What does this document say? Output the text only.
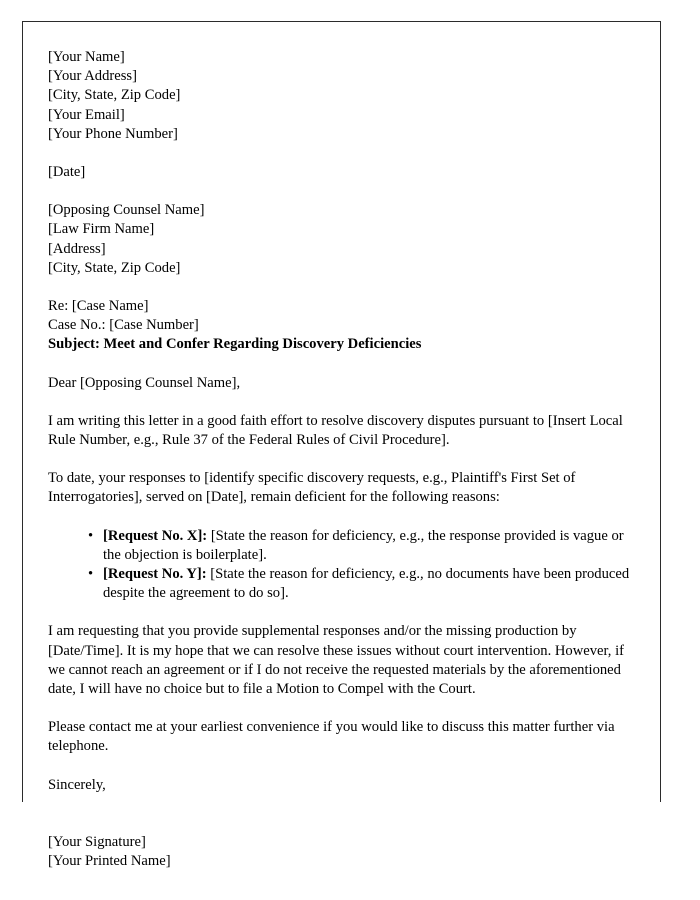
[Your Name]
[Your Address]
[City, State, Zip Code]
[Your Email]
[Your Phone Number]
[Date]
[Opposing Counsel Name]
[Law Firm Name]
[Address]
[City, State, Zip Code]
Re: [Case Name]
Case No.: [Case Number]
Subject: Meet and Confer Regarding Discovery Deficiencies

Dear [Opposing Counsel Name],

I am writing this letter in a good faith effort to resolve discovery disputes pursuant to [Insert Local Rule Number, e.g., Rule 37 of the Federal Rules of Civil Procedure].

To date, your responses to [identify specific discovery requests, e.g., Plaintiff's First Set of Interrogatories], served on [Date], remain deficient for the following reasons:

• [Request No. X]: [State the reason for deficiency, e.g., the response provided is vague or the objection is boilerplate].
• [Request No. Y]: [State the reason for deficiency, e.g., no documents have been produced despite the agreement to do so].

I am requesting that you provide supplemental responses and/or the missing production by [Date/Time]. It is my hope that we can resolve these issues without court intervention. However, if we cannot reach an agreement or if I do not receive the requested materials by the aforementioned date, I will have no choice but to file a Motion to Compel with the Court.

Please contact me at your earliest convenience if you would like to discuss this matter further via telephone.

Sincerely,

[Your Signature]
[Your Printed Name]
